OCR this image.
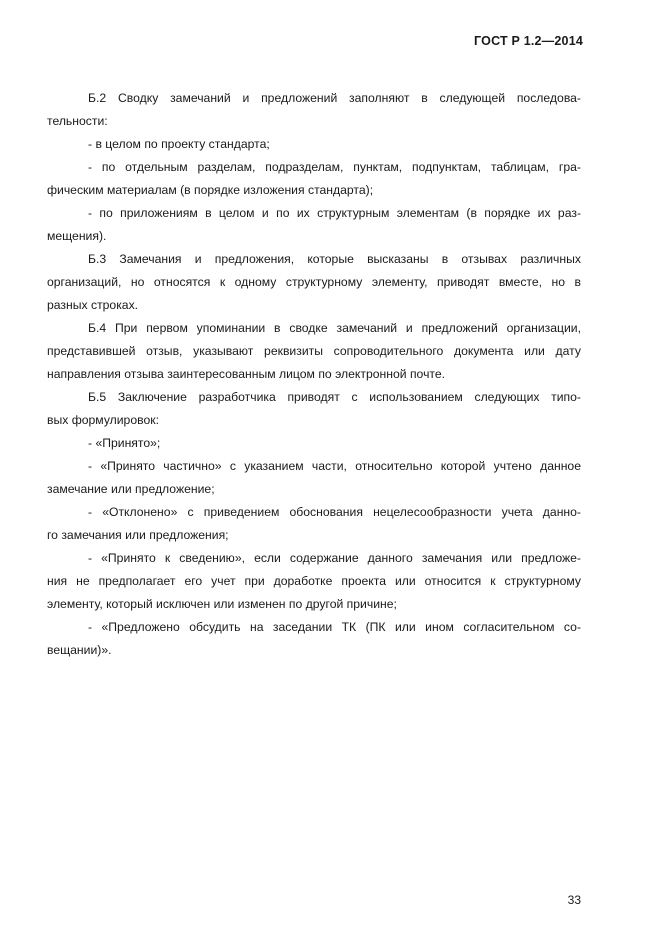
ГОСТ Р 1.2—2014
Б.2 Сводку замечаний и предложений заполняют в следующей последова-
тельности:
- в целом по проекту стандарта;
- по отдельным разделам, подразделам, пунктам, подпунктам, таблицам, гра-
фическим материалам (в порядке изложения стандарта);
- по приложениям в целом и по их структурным элементам (в порядке их раз-
мещения).
Б.3 Замечания и предложения, которые высказаны в отзывах различных
организаций, но относятся к одному структурному элементу, приводят вместе, но в
разных строках.
Б.4 При первом упоминании в сводке замечаний и предложений организации,
представившей отзыв, указывают реквизиты сопроводительного документа или дату
направления отзыва заинтересованным лицом по электронной почте.
Б.5 Заключение разработчика приводят с использованием следующих типо-
вых формулировок:
- «Принято»;
- «Принято частично» с указанием части, относительно которой учтено данное
замечание или предложение;
- «Отклонено» с приведением обоснования нецелесообразности учета данно-
го замечания или предложения;
- «Принято к сведению», если содержание данного замечания или предложе-
ния не предполагает его учет при доработке проекта или относится к структурному
элементу, который исключен или изменен по другой причине;
- «Предложено обсудить на заседании ТК (ПК или ином согласительном со-
вещании)».
33
